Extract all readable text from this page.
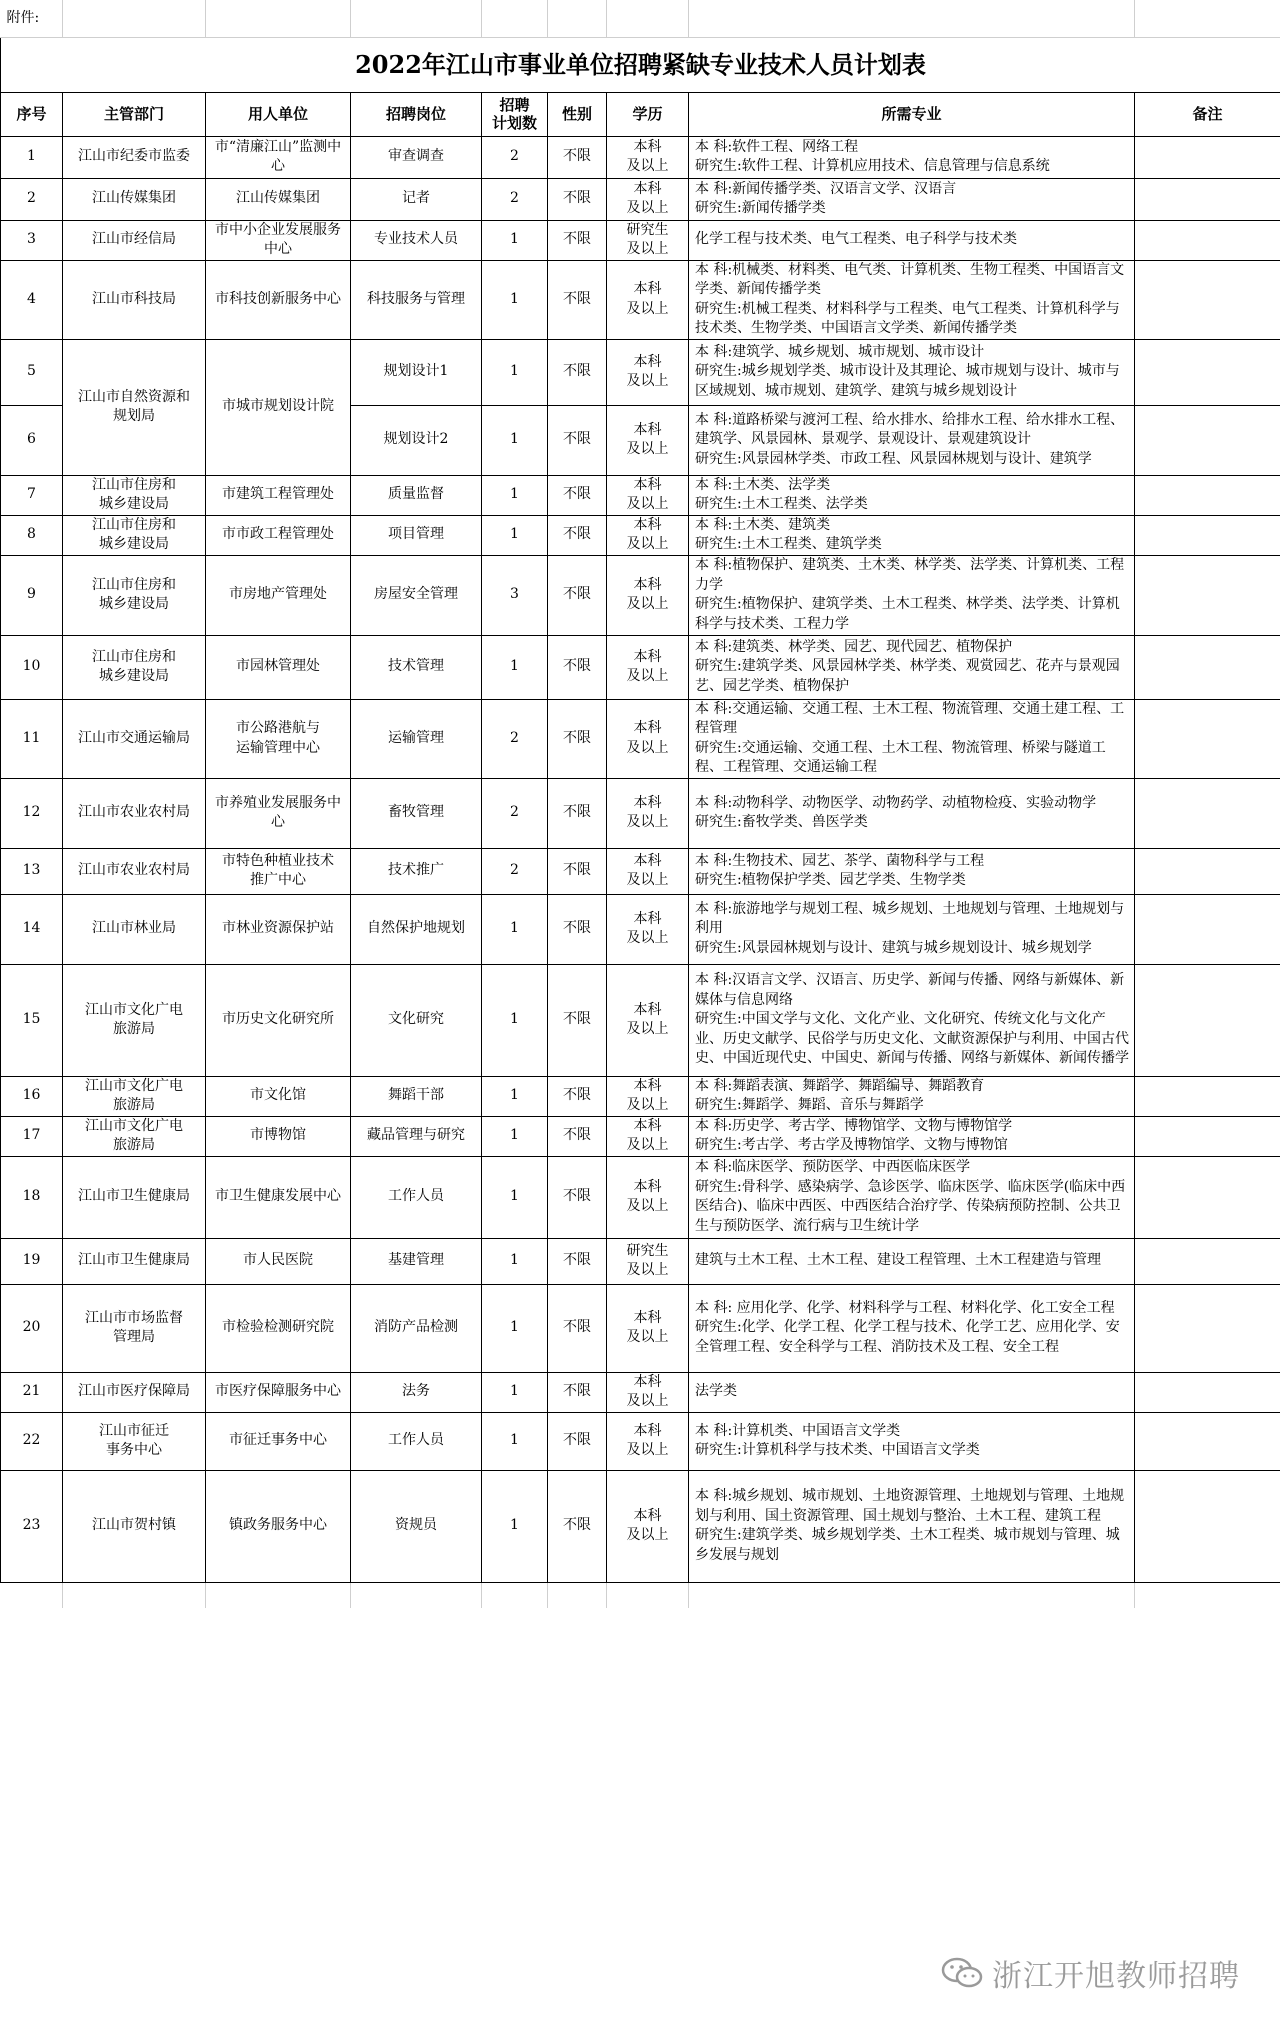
附件:								
2022年江山市事业单位招聘紧缺专业技术人员计划表								
序号	主管部门	用人单位	招聘岗位	招聘
计划数	性别	学历	所需专业	备注
1	江山市纪委市监委	市“清廉江山”监测中心	审查调查	2	不限	本科
及以上	本 科:软件工程、网络工程
研究生:软件工程、计算机应用技术、信息管理与信息系统	

2	江山传媒集团	江山传媒集团	记者	2	不限	本科
及以上	本 科:新闻传播学类、汉语言文学、汉语言
研究生:新闻传播学类	

3	江山市经信局	市中小企业发展服务中心	专业技术人员	1	不限	研究生
及以上	化学工程与技术类、电气工程类、电子科学与技术类	

4	江山市科技局	市科技创新服务中心	科技服务与管理	1	不限	本科
及以上	本 科:机械类、材料类、电气类、计算机类、生物工程类、中国语言文学类、新闻传播学类
研究生:机械工程类、材料科学与工程类、电气工程类、计算机科学与技术类、生物学类、中国语言文学类、新闻传播学类	

5	江山市自然资源和
规划局	市城市规划设计院	规划设计1	1	不限	本科
及以上	本 科:建筑学、城乡规划、城市规划、城市设计
研究生:城乡规划学类、城市设计及其理论、城市规划与设计、城市与区域规划、城市规划、建筑学、建筑与城乡规划设计	

6			规划设计2	1	不限	本科
及以上	本 科:道路桥梁与渡河工程、给水排水、给排水工程、给水排水工程、建筑学、风景园林、景观学、景观设计、景观建筑设计
研究生:风景园林学类、市政工程、风景园林规划与设计、建筑学	

7	江山市住房和
城乡建设局	市建筑工程管理处	质量监督	1	不限	本科
及以上	本 科:土木类、法学类
研究生:土木工程类、法学类	

8	江山市住房和
城乡建设局	市市政工程管理处	项目管理	1	不限	本科
及以上	本 科:土木类、建筑类
研究生:土木工程类、建筑学类	

9	江山市住房和
城乡建设局	市房地产管理处	房屋安全管理	3	不限	本科
及以上	本 科:植物保护、建筑类、土木类、林学类、法学类、计算机类、工程力学
研究生:植物保护、建筑学类、土木工程类、林学类、法学类、计算机科学与技术类、工程力学	

10	江山市住房和
城乡建设局	市园林管理处	技术管理	1	不限	本科
及以上	本 科:建筑类、林学类、园艺、现代园艺、植物保护
研究生:建筑学类、风景园林学类、林学类、观赏园艺、花卉与景观园艺、园艺学类、植物保护	

11	江山市交通运输局	市公路港航与
运输管理中心	运输管理	2	不限	本科
及以上	本 科:交通运输、交通工程、土木工程、物流管理、交通土建工程、工程管理
研究生:交通运输、交通工程、土木工程、物流管理、桥梁与隧道工程、工程管理、交通运输工程	

12	江山市农业农村局	市养殖业发展服务中心	畜牧管理	2	不限	本科
及以上	本 科:动物科学、动物医学、动物药学、动植物检疫、实验动物学
研究生:畜牧学类、兽医学类	

13	江山市农业农村局	市特色种植业技术
推广中心	技术推广	2	不限	本科
及以上	本 科:生物技术、园艺、茶学、菌物科学与工程
研究生:植物保护学类、园艺学类、生物学类	

14	江山市林业局	市林业资源保护站	自然保护地规划	1	不限	本科
及以上	本 科:旅游地学与规划工程、城乡规划、土地规划与管理、土地规划与利用
研究生:风景园林规划与设计、建筑与城乡规划设计、城乡规划学	

15	江山市文化广电
旅游局	市历史文化研究所	文化研究	1	不限	本科
及以上	本 科:汉语言文学、汉语言、历史学、新闻与传播、网络与新媒体、新媒体与信息网络
研究生:中国文学与文化、文化产业、文化研究、传统文化与文化产业、历史文献学、民俗学与历史文化、文献资源保护与利用、中国古代史、中国近现代史、中国史、新闻与传播、网络与新媒体、新闻传播学	

16	江山市文化广电
旅游局	市文化馆	舞蹈干部	1	不限	本科
及以上	本 科:舞蹈表演、舞蹈学、舞蹈编导、舞蹈教育
研究生:舞蹈学、舞蹈、音乐与舞蹈学	

17	江山市文化广电
旅游局	市博物馆	藏品管理与研究	1	不限	本科
及以上	本 科:历史学、考古学、博物馆学、文物与博物馆学
研究生:考古学、考古学及博物馆学、文物与博物馆	

18	江山市卫生健康局	市卫生健康发展中心	工作人员	1	不限	本科
及以上	本 科:临床医学、预防医学、中西医临床医学
研究生:骨科学、感染病学、急诊医学、临床医学、临床医学(临床中西医结合)、临床中西医、中西医结合治疗学、传染病预防控制、公共卫生与预防医学、流行病与卫生统计学	

19	江山市卫生健康局	市人民医院	基建管理	1	不限	研究生
及以上	建筑与土木工程、土木工程、建设工程管理、土木工程建造与管理	

20	江山市市场监督
管理局	市检验检测研究院	消防产品检测	1	不限	本科
及以上	本 科: 应用化学、化学、材料科学与工程、材料化学、化工安全工程
研究生:化学、化学工程、化学工程与技术、化学工艺、应用化学、安全管理工程、安全科学与工程、消防技术及工程、安全工程	

21	江山市医疗保障局	市医疗保障服务中心	法务	1	不限	本科
及以上	法学类	

22	江山市征迁
事务中心	市征迁事务中心	工作人员	1	不限	本科
及以上	本 科:计算机类、中国语言文学类
研究生:计算机科学与技术类、中国语言文学类	

23	江山市贺村镇	镇政务服务中心	资规员	1	不限	本科
及以上	本 科:城乡规划、城市规划、土地资源管理、土地规划与管理、土地规划与利用、国土资源管理、国土规划与整治、土木工程、建筑工程
研究生:建筑学类、城乡规划学类、土木工程类、城市规划与管理、城乡发展与规划	

浙江开旭教师招聘
